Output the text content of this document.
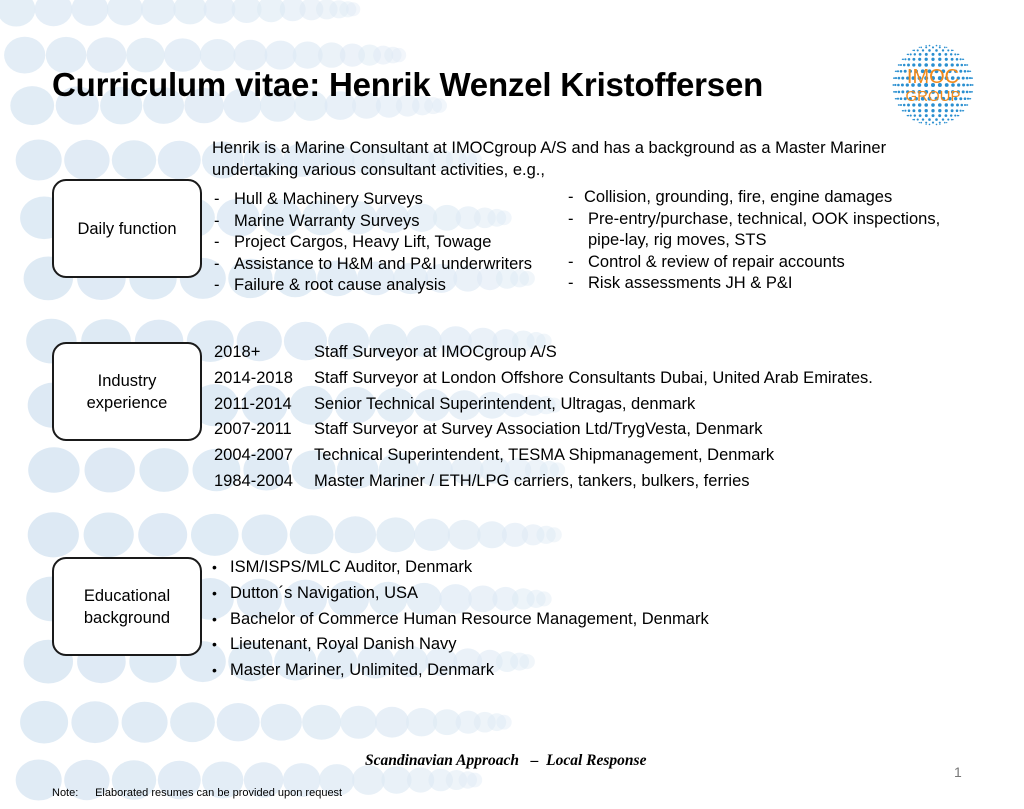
Curriculum vitae: Henrik Wenzel Kristoffersen	IMOC
GROUP
Henrik is a Marine Consultant at IMOCgroup A/S and has a background as a Master Mariner
undertaking various consultant activities, e.g.,
Daily function
- Hull & Machinery Surveys
- Marine Warranty Surveys
- Project Cargos, Heavy Lift, Towage
- Assistance to H&M and P&I underwriters
- Failure & root cause analysis
- Collision, grounding, fire, engine damages
- Pre-entry/purchase, technical, OOK inspections,
pipe-lay, rig moves, STS
- Control & review of repair accounts
- Risk assessments JH & P&I
Industry
experience
2018+	Staff Surveyor at IMOCgroup A/S
2014-2018	Staff Surveyor at London Offshore Consultants Dubai, United Arab Emirates.
2011-2014	Senior Technical Superintendent, Ultragas, denmark
2007-2011	Staff Surveyor at Survey Association Ltd/TrygVesta, Denmark
2004-2007	Technical Superintendent, TESMA Shipmanagement, Denmark
1984-2004	Master Mariner / ETH/LPG carriers, tankers, bulkers, ferries
Educational
background
• ISM/ISPS/MLC Auditor, Denmark
• Dutton´s Navigation, USA
• Bachelor of Commerce Human Resource Management, Denmark
• Lieutenant, Royal Danish Navy
• Master Mariner, Unlimited, Denmark
Scandinavian Approach   –  Local Response
1
Note: Elaborated resumes can be provided upon request
